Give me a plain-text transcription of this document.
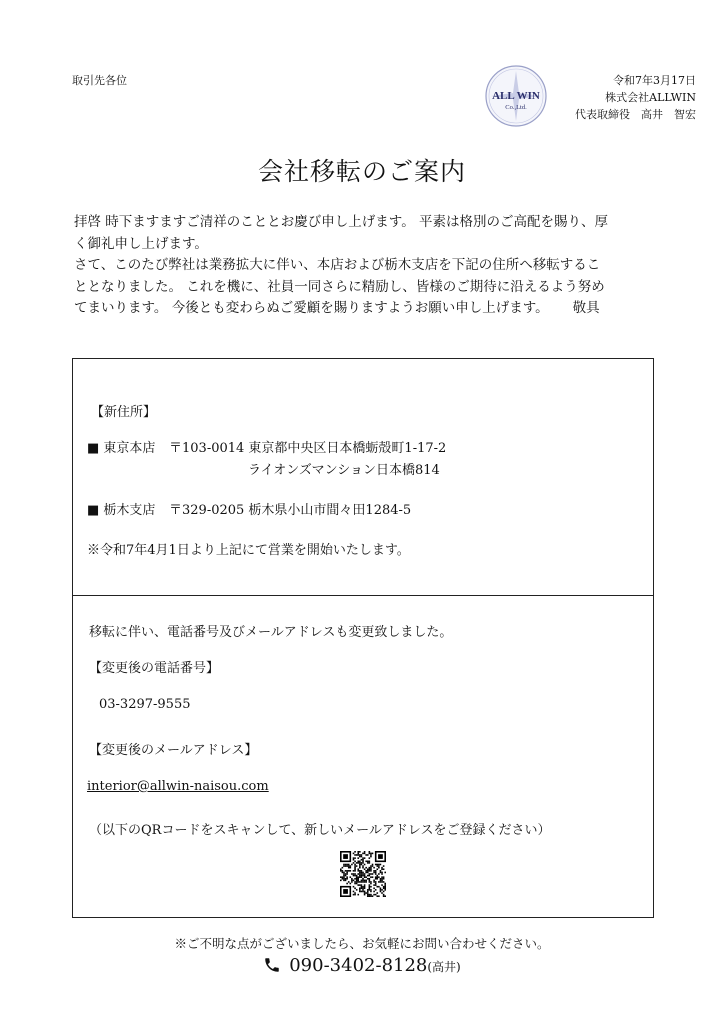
取引先各位
ALL WIN
Co.,Ltd.
令和7年3月17日
株式会社ALLWIN
代表取締役　高井　智宏
会社移転のご案内

拝啓 時下ますますご清祥のこととお慶び申し上げます。 平素は格別のご高配を賜り、厚

く御礼申し上げます。

さて、このたび弊社は業務拡大に伴い、本店および栃木支店を下記の住所へ移転するこ

ととなりました。 これを機に、社員一同さらに精励し、皆様のご期待に沿えるよう努め

てまいります。 今後とも変わらぬご愛顧を賜りますようお願い申し上げます。 敬具

【新住所】
■ 東京本店 〒103-0014 東京都中央区日本橋蛎殻町1-17-2
ライオンズマンション日本橋814
■ 栃木支店 〒329-0205 栃木県小山市間々田1284-5
※令和7年4月1日より上記にて営業を開始いたします。
移転に伴い、電話番号及びメールアドレスも変更致しました。
【変更後の電話番号】
03-3297-9555
【変更後のメールアドレス】
interior@allwin-naisou.com
（以下のQRコードをスキャンして、新しいメールアドレスをご登録ください）
※ご不明な点がございましたら、お気軽にお問い合わせください。
090-3402-8128(高井)
